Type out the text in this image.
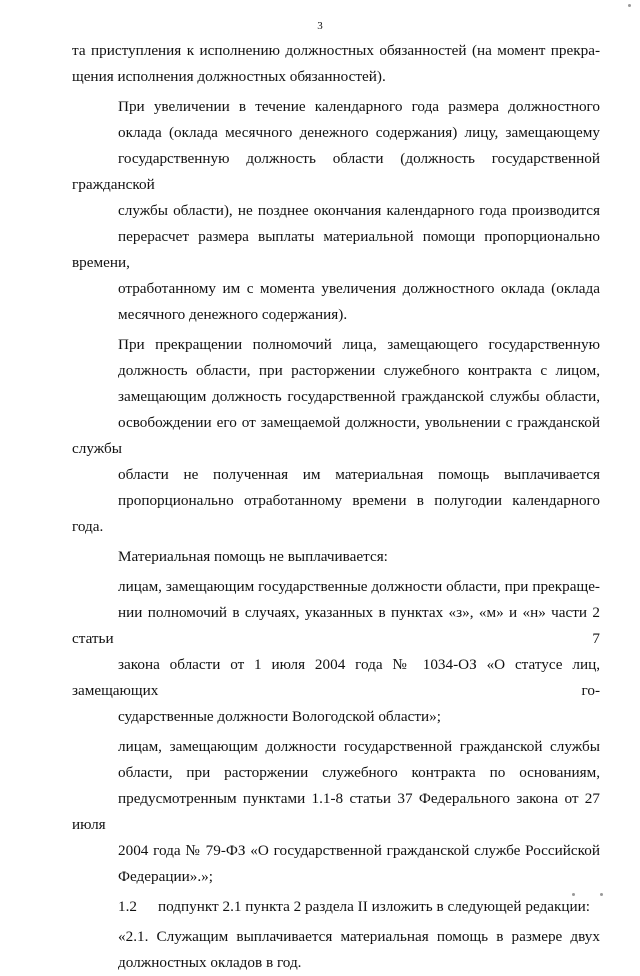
3

та приступления к исполнению должностных обязанностей (на момент прекра-
щения исполнения должностных обязанностей).

При увеличении в течение календарного года размера должностного
оклада (оклада месячного денежного содержания) лицу, замещающему
государственную должность области (должность государственной гражданской
службы области), не позднее окончания календарного года производится
перерасчет размера выплаты материальной помощи пропорционально времени,
отработанному им с момента увеличения должностного оклада (оклада
месячного денежного содержания).

При прекращении полномочий лица, замещающего государственную
должность области, при расторжении служебного контракта с лицом,
замещающим должность государственной гражданской службы области,
освобождении его от замещаемой должности, увольнении с гражданской службы
области не полученная им материальная помощь выплачивается
пропорционально отработанному времени в полугодии календарного года.

Материальная помощь не выплачивается:

лицам, замещающим государственные должности области, при прекраще-
нии полномочий в случаях, указанных в пунктах «з», «м» и «н» части 2 статьи 7
закона области от 1 июля 2004 года № 1034-ОЗ «О статусе лиц, замещающих го-
сударственные должности Вологодской области»;

лицам, замещающим должности государственной гражданской службы
области, при расторжении служебного контракта по основаниям,
предусмотренным пунктами 1.1-8 статьи 37 Федерального закона от 27 июля
2004 года № 79-ФЗ «О государственной гражданской службе Российской
Федерации».»;

1.2 подпункт 2.1 пункта 2 раздела II изложить в следующей редакции:

«2.1. Служащим выплачивается материальная помощь в размере двух
должностных окладов в год.
